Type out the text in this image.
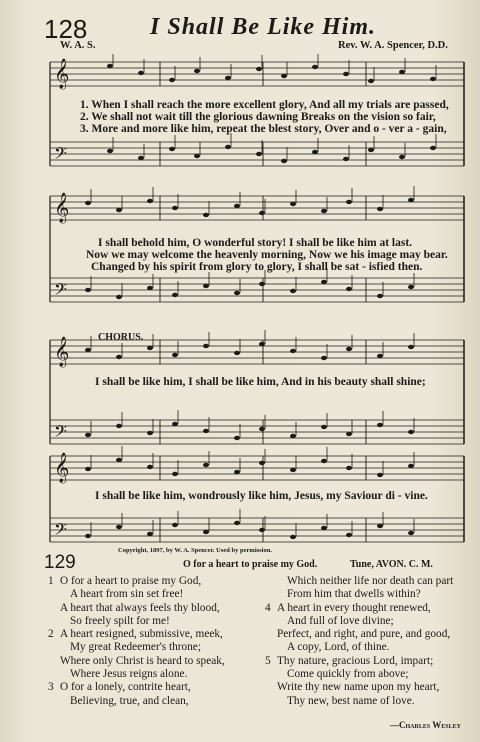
128	I Shall Be Like Him.
W. A. S.	Rev. W. A. Spencer, D.D.
𝄞
𝄢
𝄞
𝄢
𝄞
𝄢
𝄞
𝄢
1. When I shall reach the more excellent glory, And all my trials are passed,
2. We shall not wait till the glorious dawning Breaks on the vision so fair,
3. More and more like him, repeat the blest story, Over and o - ver a - gain,
I shall behold him, O wonderful story! I shall be like him at last.
Now we may welcome the heavenly morning, Now we his image may bear.
Changed by his spirit from glory to glory, I shall be sat - isfied then.
CHORUS.
I shall be like him, I shall be like him, And in his beauty shall shine;
I shall be like him, wondrously like him, Jesus, my Saviour di - vine.
Copyright, 1897, by W. A. Spencer. Used by permission.
129	O for a heart to praise my God.	Tune, AVON. C. M.
1 O for a heart to praise my God,
A heart from sin set free!
A heart that always feels thy blood,
So freely spilt for me!
2 A heart resigned, submissive, meek,
My great Redeemer's throne;
Where only Christ is heard to speak,
Where Jesus reigns alone.
3 O for a lonely, contrite heart,
Believing, true, and clean,
Which neither life nor death can part
From him that dwells within?
4 A heart in every thought renewed,
And full of love divine;
Perfect, and right, and pure, and good,
A copy, Lord, of thine.
5 Thy nature, gracious Lord, impart;
Come quickly from above;
Write thy new name upon my heart,
Thy new, best name of love.
—Charles Wesley
